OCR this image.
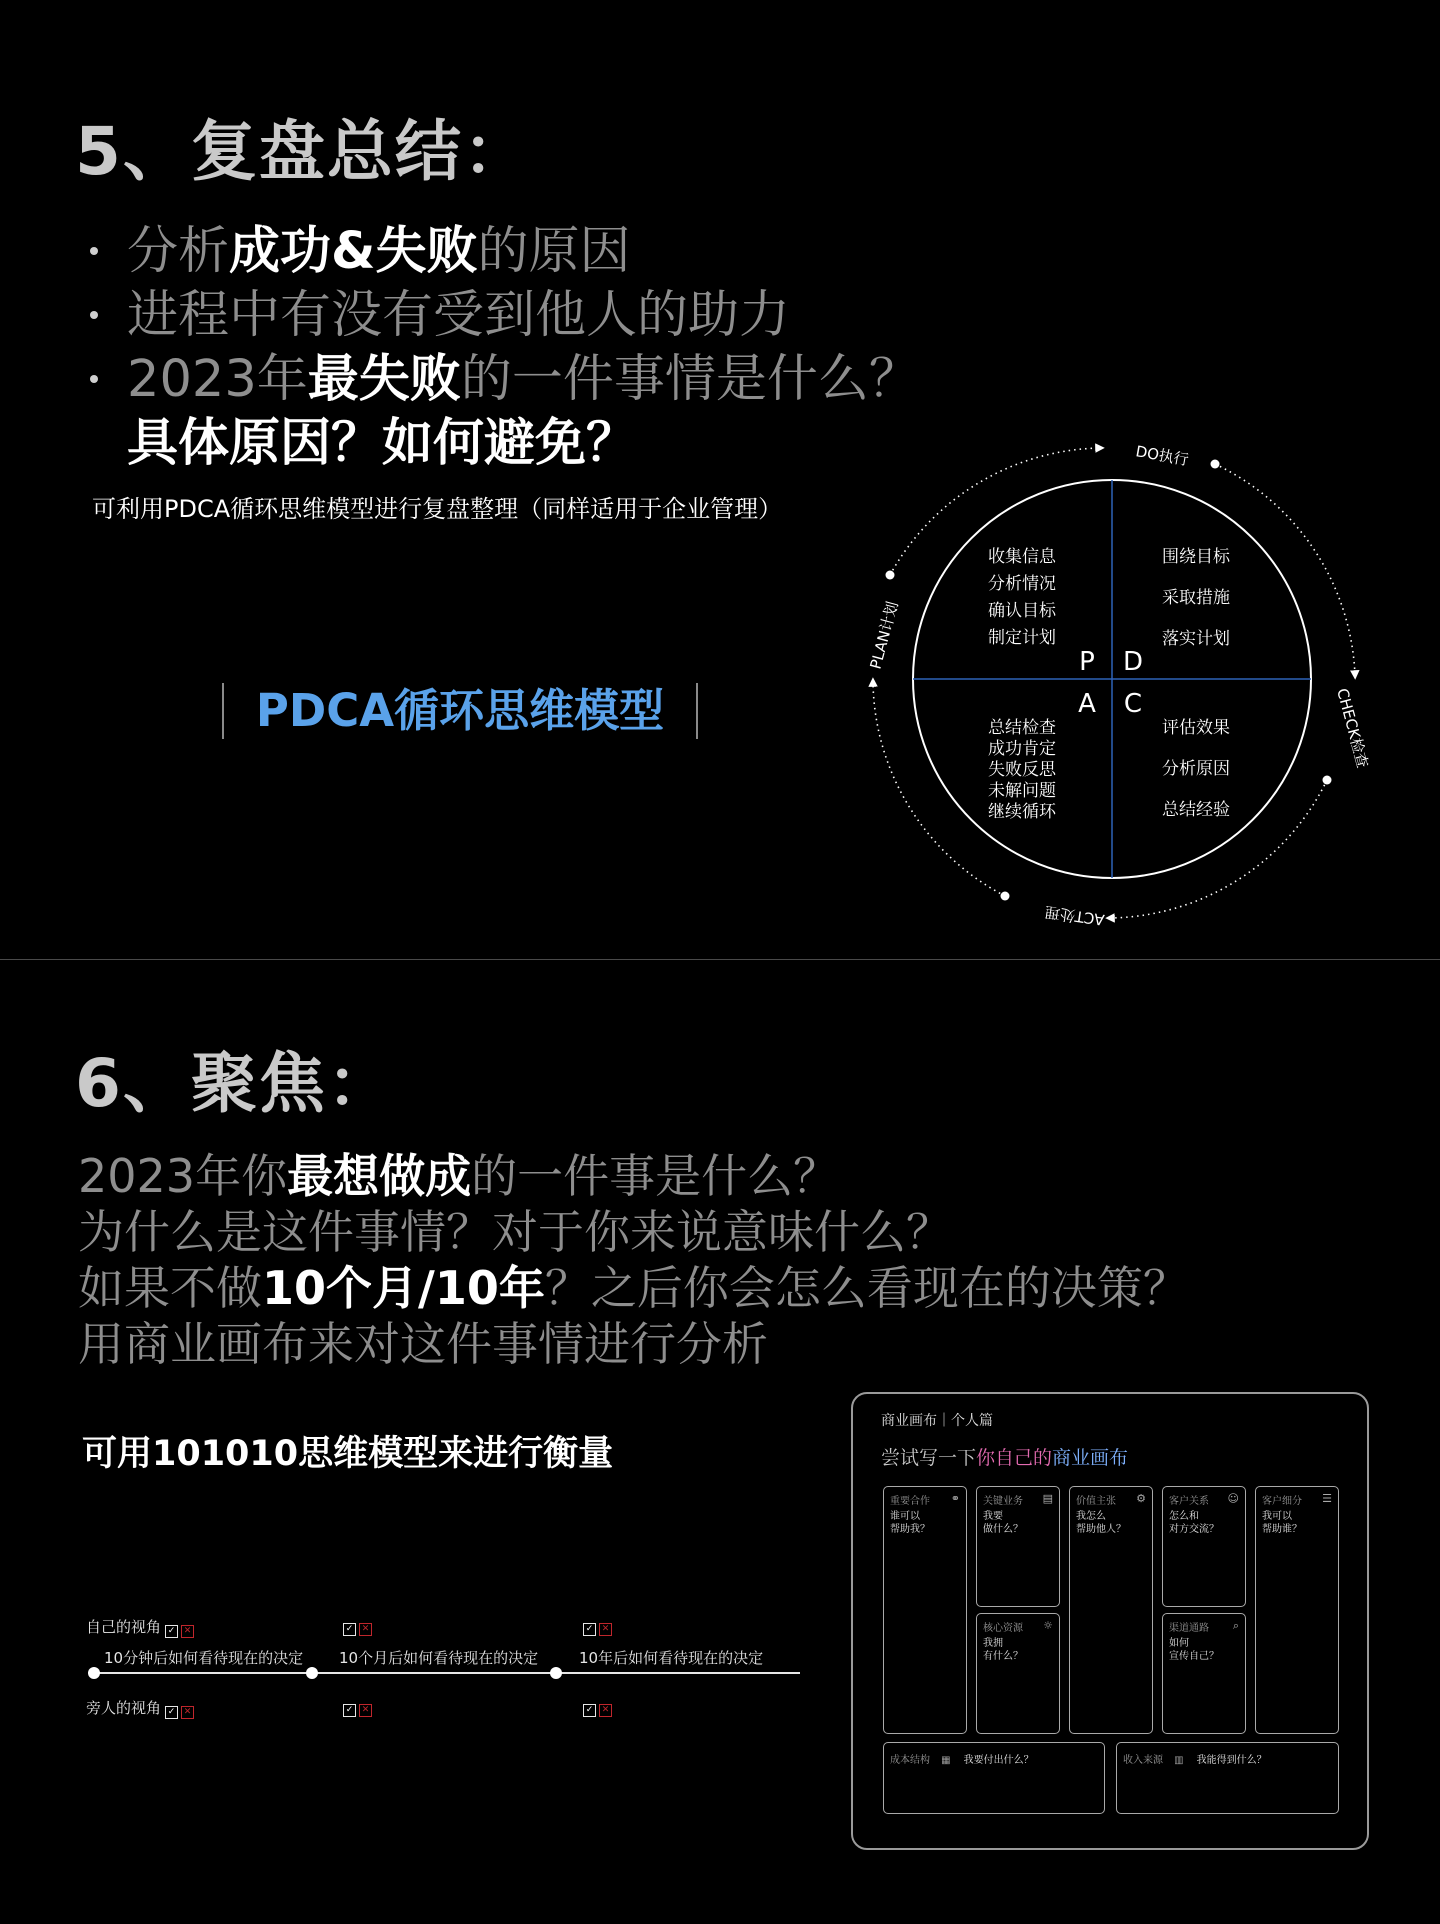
5、复盘总结：
分析成功&失败的原因
进程中有没有受到他人的助力
2023年最失败的一件事情是什么？
具体原因？如何避免？
可利用PDCA循环思维模型进行复盘整理（同样适用于企业管理）
PDCA循环思维模型
DO执行
CHECK检查
ACT处理
PLAN计划	P D
A C
收集信息
分析情况
确认目标
制定计划
围绕目标
采取措施
落实计划
总结检查
成功肯定
失败反思
未解问题
继续循环
评估效果
分析原因
总结经验
6、聚焦：
2023年你最想做成的一件事是什么？
为什么是这件事情？对于你来说意味什么？
如果不做10个月/10年？之后你会怎么看现在的决策？
用商业画布来对这件事情进行分析
可用101010思维模型来进行衡量
自己的视角 ✓ ✕	✓ ✕	✓ ✕
10分钟后如何看待现在的决定 10个月后如何看待现在的决定	10年后如何看待现在的决定
旁人的视角 ✓ ✕	✓ ✕	✓ ✕
商业画布｜个人篇
尝试写一下你自己的商业画布
重要合作	⚭
谁可以
帮助我？
关键业务	▤
我要
做什么？
核心资源	☼
我拥
有什么？
价值主张	⚙
我怎么
帮助他人？
客户关系	☺
怎么和
对方交流？
渠道通路	⌕
如何
宣传自己？
客户细分	☰
我可以
帮助谁？
成本结构 ▦ 我要付出什么？	收入来源 ▥ 我能得到什么？
